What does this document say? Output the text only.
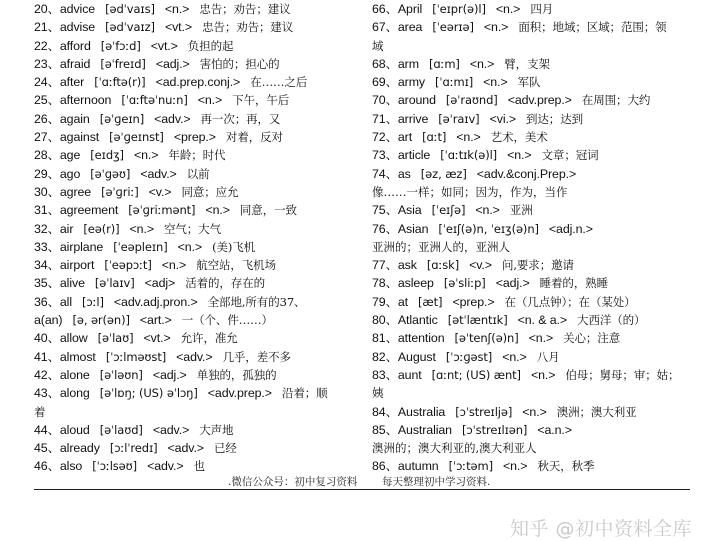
20、advice [ədˈvaɪs] <n.> 忠告；劝告；建议
21、advise [ədˈvaɪz] <vt.> 忠告；劝告；建议
22、afford [əˈfɔːd] <vt.> 负担的起
23、afraid [əˈfreɪd] <adj.> 害怕的；担心的
24、after [ˈɑːftə(r)] <ad.prep.conj.> 在……之后
25、afternoon [ˈɑːftəˈnuːn] <n.> 下午，午后
26、again [əˈɡeɪn] <adv.> 再一次；再，又
27、against [əˈɡeɪnst] <prep.> 对着，反对
28、age [eɪdʒ] <n.> 年龄；时代
29、ago [əˈɡəʊ] <adv.> 以前
30、agree [əˈɡriː] <v.> 同意；应允
31、agreement [əˈɡriːmənt] <n.> 同意，一致
32、air [eə(r)] <n.> 空气；大气
33、airplane [ˈeəpleɪn] <n.> (美)飞机
34、airport [ˈeəpɔːt] <n.> 航空站，飞机场
35、alive [əˈlaɪv] <adj> 活着的，存在的
36、all [ɔːl] <adv.adj.pron.> 全部地,所有的37、
a(an) [ə, ər(ən)] <art.> 一（个、件……）
40、allow [əˈlaʊ] <vt.> 允许，准允
41、almost [ˈɔːlməʊst] <adv.> 几乎，差不多
42、alone [əˈləʊn] <adj.> 单独的，孤独的
43、along [əˈlɒŋ; (US) əˈlɔŋ] <adv.prep.> 沿着；顺
着
44、aloud [əˈlaʊd] <adv.> 大声地
45、already [ɔːlˈredɪ] <adv.> 已经
46、also [ˈɔːlsəʊ] <adv.> 也
66、April [ˈeɪpr(ə)l] <n.> 四月
67、area [ˈeərɪə] <n.> 面积；地域；区域；范围；领
域
68、arm [ɑːm] <n.> 臂，支架
69、army [ˈɑːmɪ] <n.> 军队
70、around [əˈraʊnd] <adv.prep.> 在周围；大约
71、arrive [əˈraɪv] <vi.> 到达；达到
72、art [ɑːt] <n.> 艺术，美术
73、article [ˈɑːtɪk(ə)l] <n.> 文章；冠词
74、as [əz, æz] <adv.&conj.Prep.>
像……一样；如同；因为，作为，当作
75、Asia [ˈeɪʃə] <n.> 亚洲
76、Asian [ˈeɪʃ(ə)n, ˈeɪʒ(ə)n] <adj.n.>
亚洲的；亚洲人的，亚洲人
77、ask [ɑːsk] <v.> 问,要求；邀请
78、asleep [əˈsliːp] <adj.> 睡着的，熟睡
79、at [æt] <prep.> 在（几点钟）；在（某处）
80、Atlantic [ətˈlæntɪk] <n. & a.> 大西洋（的）
81、attention [əˈtenʃ(ə)n] <n.> 关心；注意
82、August [ˈɔːɡəst] <n.> 八月
83、aunt [ɑːnt; (US) ænt] <n.> 伯母；舅母；审；姑；
姨
84、Australia [ɔˈstreɪljə] <n.> 澳洲；澳大利亚
85、Australian [ɔˈstreɪlɪən] <a.n.>
澳洲的；澳大利亚的,澳大利亚人
86、autumn [ˈɔːtəm] <n.> 秋天，秋季
.微信公众号：初中复习资料 每天整理初中学习资料.
知乎 @初中资料全库
